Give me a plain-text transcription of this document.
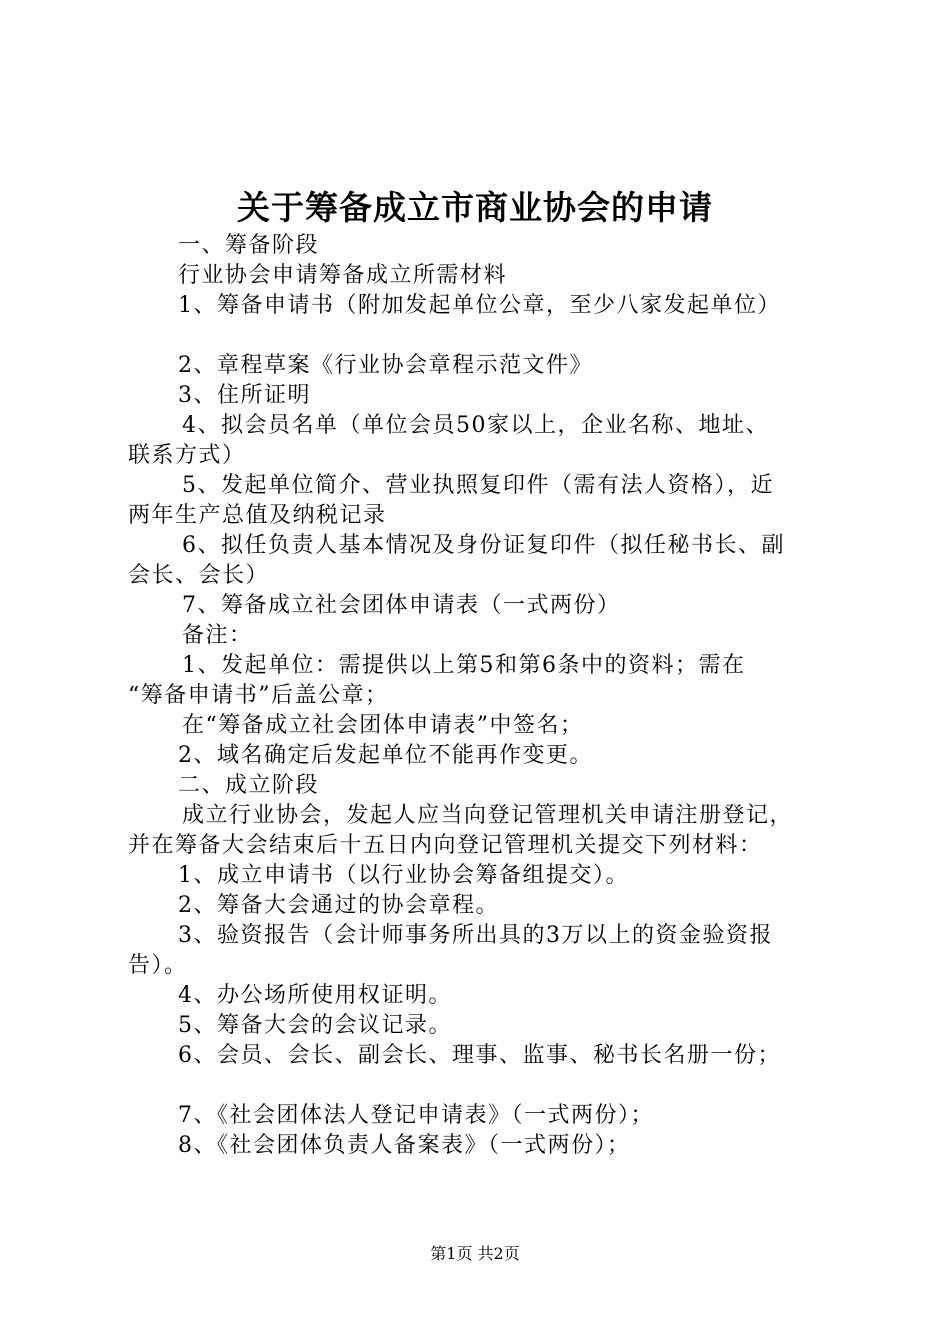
关于筹备成立市商业协会的申请
一、筹备阶段
行业协会申请筹备成立所需材料
1、筹备申请书（附加发起单位公章，至少八家发起单位）
2、章程草案《行业协会章程示范文件》
3、住所证明
4、拟会员名单（单位会员50家以上，企业名称、地址、
联系方式）
5、发起单位简介、营业执照复印件（需有法人资格），近
两年生产总值及纳税记录
6、拟任负责人基本情况及身份证复印件（拟任秘书长、副
会长、会长）
7、筹备成立社会团体申请表（一式两份）
备注：
1、发起单位：需提供以上第5和第6条中的资料；需在
“筹备申请书”后盖公章；
在“筹备成立社会团体申请表”中签名；
2、域名确定后发起单位不能再作变更。
二、成立阶段
成立行业协会，发起人应当向登记管理机关申请注册登记，
并在筹备大会结束后十五日内向登记管理机关提交下列材料：
1、成立申请书（以行业协会筹备组提交）。
2、筹备大会通过的协会章程。
3、验资报告（会计师事务所出具的3万以上的资金验资报
告）。
4、办公场所使用权证明。
5、筹备大会的会议记录。
6、会员、会长、副会长、理事、监事、秘书长名册一份；
7、《社会团体法人登记申请表》（一式两份）；
8、《社会团体负责人备案表》（一式两份）；
第1页 共2页
